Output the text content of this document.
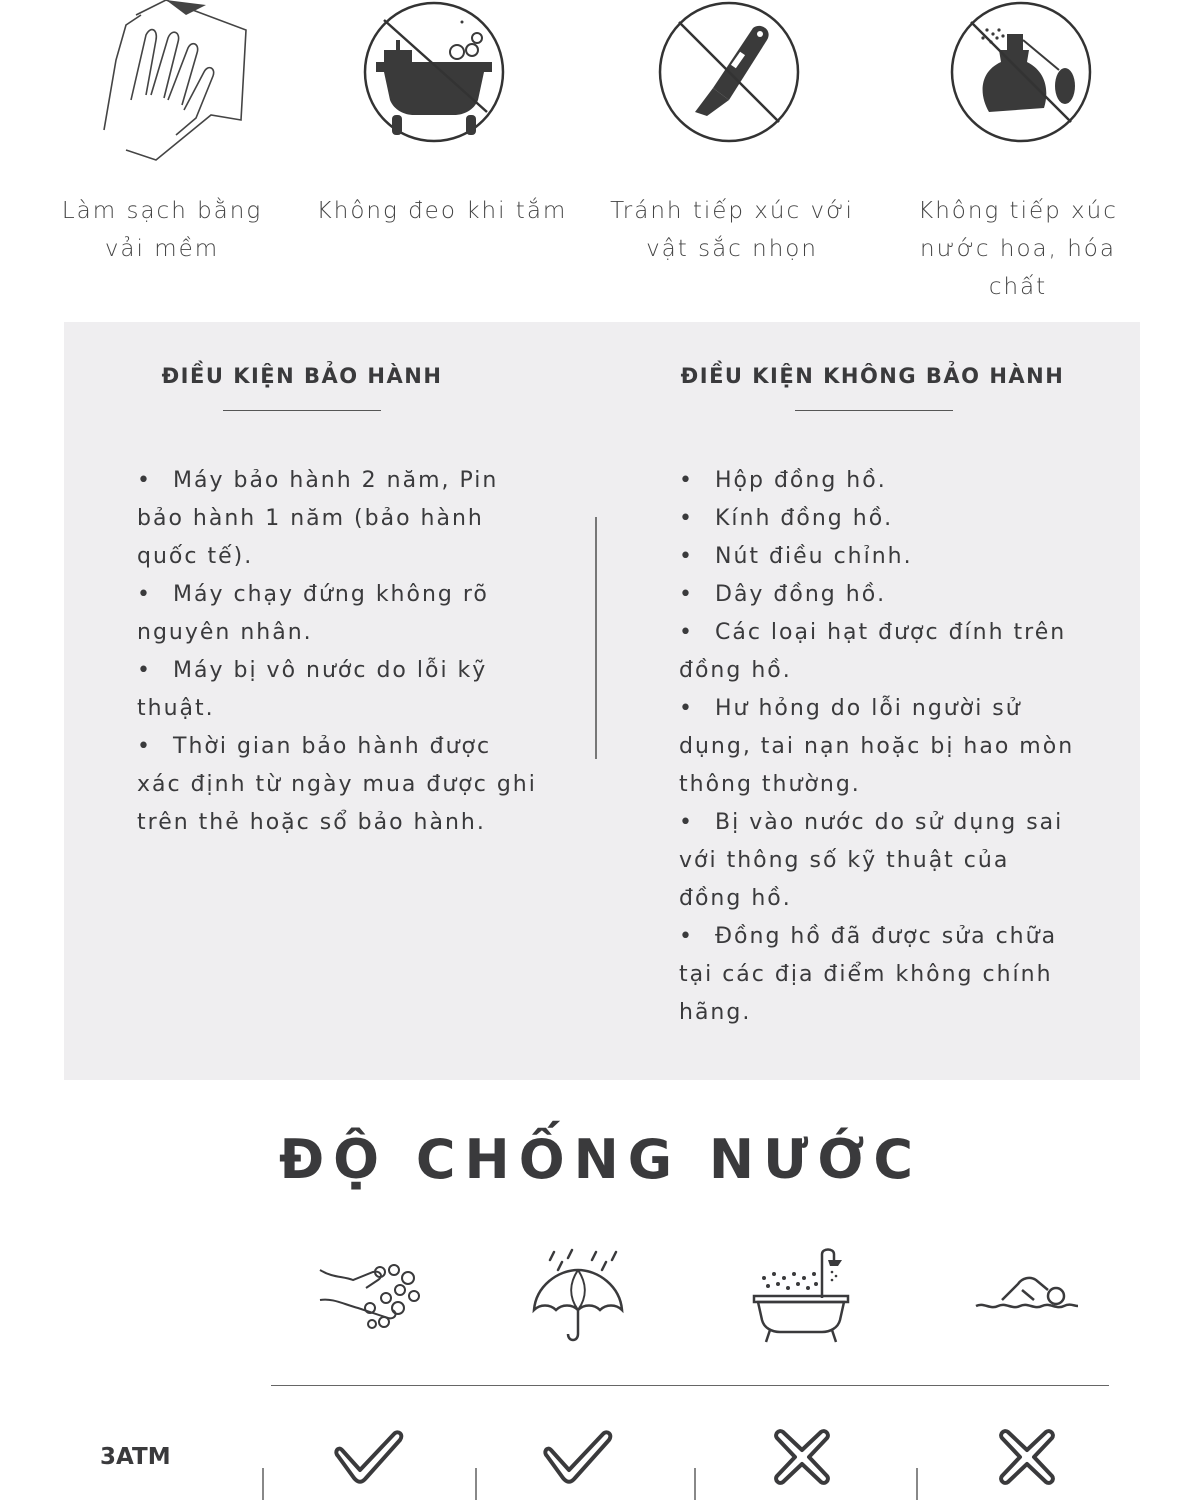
Làm sạch bằng
vải mềm
Không đeo khi tắm	Tránh tiếp xúc với
vật sắc nhọn
Không tiếp xúc
nước hoa, hóa chất
ĐIỀU KIỆN BẢO HÀNH	ĐIỀU KIỆN KHÔNG BẢO HÀNH

• Máy bảo hành 2 năm, Pin bảo hành 1 năm (bảo hành quốc tế).

• Máy chạy đứng không rõ nguyên nhân.

• Máy bị vô nước do lỗi kỹ thuật.

• Thời gian bảo hành được xác định từ ngày mua được ghi trên thẻ hoặc sổ bảo hành.

• Hộp đồng hồ.

• Kính đồng hồ.

• Nút điều chỉnh.

• Dây đồng hồ.

• Các loại hạt được đính trên đồng hồ.

• Hư hỏng do lỗi người sử dụng, tai nạn hoặc bị hao mòn thông thường.

• Bị vào nước do sử dụng sai với thông số kỹ thuật của đồng hồ.

• Đồng hồ đã được sửa chữa tại các địa điểm không chính hãng.

ĐỘ CHỐNG NƯỚC
3ATM
